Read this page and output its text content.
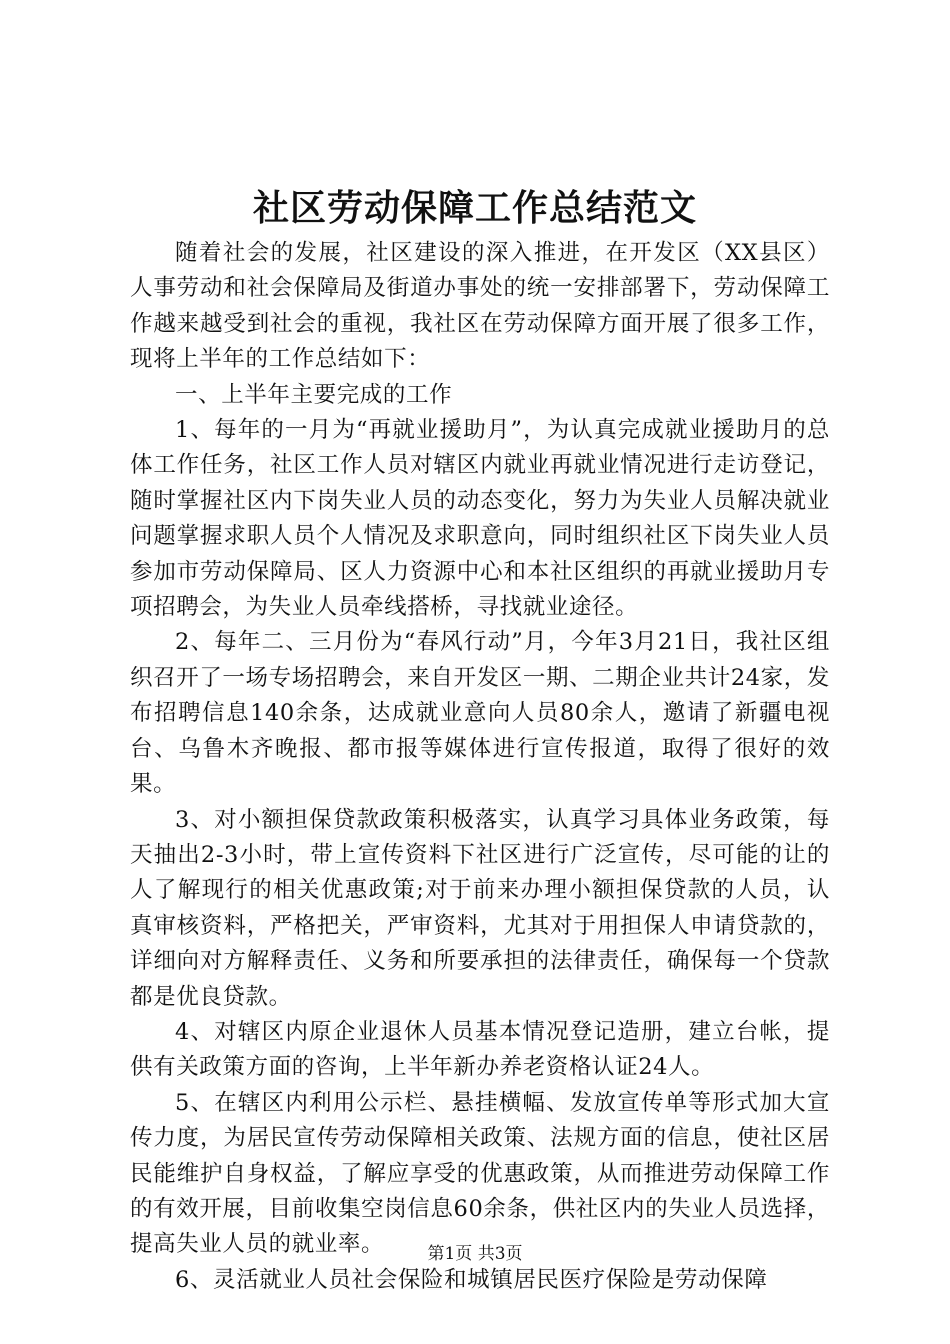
社区劳动保障工作总结范文

随着社会的发展，社区建设的深入推进，在开发区（XX县区）人事劳动和社会保障局及街道办事处的统一安排部署下，劳动保障工作越来越受到社会的重视，我社区在劳动保障方面开展了很多工作，现将上半年的工作总结如下：

一、上半年主要完成的工作

1、每年的一月为“再就业援助月”，为认真完成就业援助月的总体工作任务，社区工作人员对辖区内就业再就业情况进行走访登记，随时掌握社区内下岗失业人员的动态变化，努力为失业人员解决就业问题掌握求职人员个人情况及求职意向，同时组织社区下岗失业人员参加市劳动保障局、区人力资源中心和本社区组织的再就业援助月专项招聘会，为失业人员牵线搭桥，寻找就业途径。

2、每年二、三月份为“春风行动”月，今年3月21日，我社区组织召开了一场专场招聘会，来自开发区一期、二期企业共计24家，发布招聘信息140余条，达成就业意向人员80余人，邀请了新疆电视台、乌鲁木齐晚报、都市报等媒体进行宣传报道，取得了很好的效果。

3、对小额担保贷款政策积极落实，认真学习具体业务政策，每天抽出2-3小时，带上宣传资料下社区进行广泛宣传，尽可能的让的人了解现行的相关优惠政策;对于前来办理小额担保贷款的人员，认真审核资料，严格把关，严审资料，尤其对于用担保人申请贷款的，详细向对方解释责任、义务和所要承担的法律责任，确保每一个贷款都是优良贷款。

4、对辖区内原企业退休人员基本情况登记造册，建立台帐，提供有关政策方面的咨询，上半年新办养老资格认证24人。

5、在辖区内利用公示栏、悬挂横幅、发放宣传单等形式加大宣传力度，为居民宣传劳动保障相关政策、法规方面的信息，使社区居民能维护自身权益，了解应享受的优惠政策，从而推进劳动保障工作的有效开展，目前收集空岗信息60余条，供社区内的失业人员选择，提高失业人员的就业率。

6、灵活就业人员社会保险和城镇居民医疗保险是劳动保障

第1页 共3页
